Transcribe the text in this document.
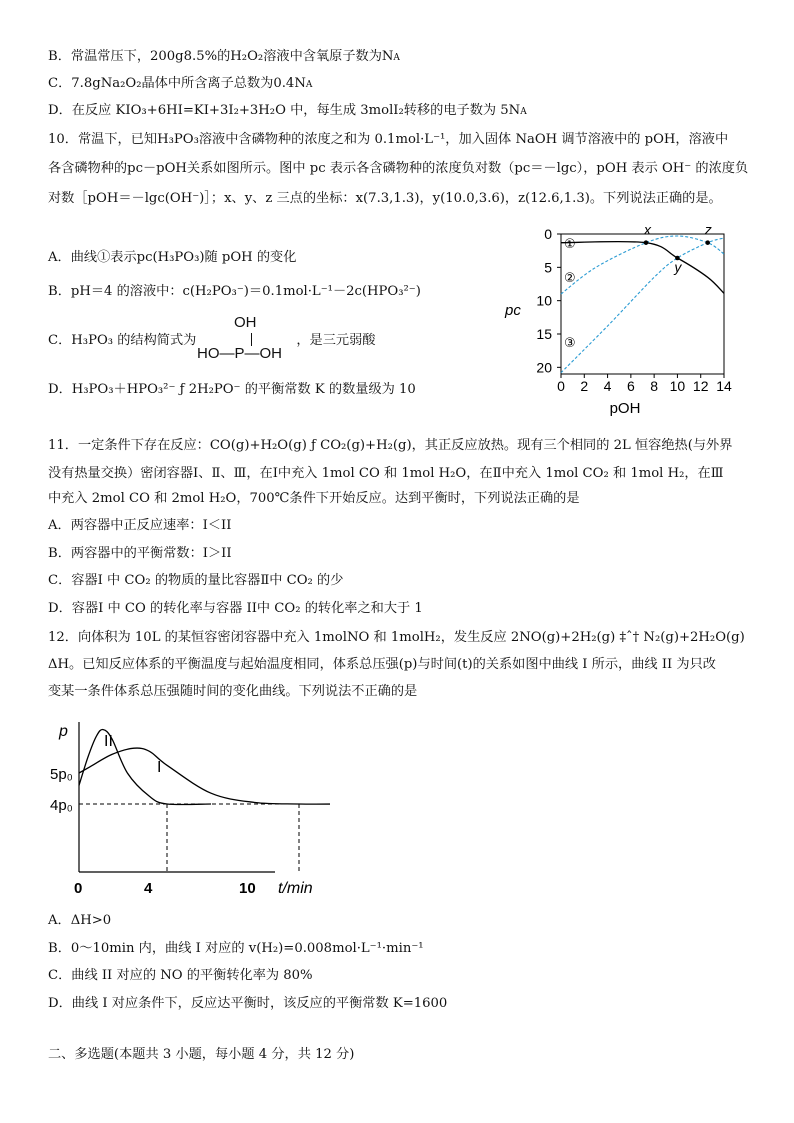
B．常温常压下，200g8.5%的H₂O₂溶液中含氧原子数为NA
C．7.8gNa₂O₂晶体中所含离子总数为0.4NA
D．在反应 KIO₃+6HI=KI+3I₂+3H₂O 中，每生成 3molI₂转移的电子数为 5NA
10．常温下，已知H₃PO₃溶液中含磷物种的浓度之和为 0.1mol·L⁻¹，加入固体 NaOH 调节溶液中的 pOH，溶液中
各含磷物种的pc－pOH关系如图所示。图中 pc 表示各含磷物种的浓度负对数（pc＝－lgc），pOH 表示 OH⁻ 的浓度负
对数［pOH＝－lgc(OH⁻)］；x、y、z 三点的坐标：x(7.3,1.3)，y(10.0,3.6)，z(12.6,1.3)。下列说法正确的是。
A．曲线①表示pc(H₃PO₃)随 pOH 的变化
B．pH＝4 的溶液中：c(H₂PO₃⁻)＝0.1mol·L⁻¹－2c(HPO₃²⁻)
C．H₃PO₃ 的结构简式为	，是三元弱酸
OH
HO—P—OH
D．H₃PO₃＋HPO₃²⁻ ƒ 2H₂PO⁻ 的平衡常数 K 的数量级为 10	0 2 4 6 8 10 12 14
0
5
10
15
20
x
y
z
pc
pOH
①
②
③
11．一定条件下存在反应：CO(g)+H₂O(g) ƒ CO₂(g)+H₂(g)，其正反应放热。现有三个相同的 2L 恒容绝热(与外界
没有热量交换）密闭容器Ⅰ、Ⅱ、Ⅲ，在Ⅰ中充入 1mol CO 和 1mol H₂O，在Ⅱ中充入 1mol CO₂ 和 1mol H₂，在Ⅲ
中充入 2mol CO 和 2mol H₂O，700℃条件下开始反应。达到平衡时，下列说法正确的是
A．两容器中正反应速率：I＜II
B．两容器中的平衡常数：I＞II
C．容器Ⅰ 中 CO₂ 的物质的量比容器Ⅱ中 CO₂ 的少
D．容器Ⅰ 中 CO 的转化率与容器 II中 CO₂ 的转化率之和大于 1
12．向体积为 10L 的某恒容密闭容器中充入 1molNO 和 1molH₂，发生反应 2NO(g)+2H₂(g) ‡ˆ† N₂(g)+2H₂O(g)
ΔH。已知反应体系的平衡温度与起始温度相同，体系总压强(p)与时间(t)的关系如图中曲线 I 所示，曲线 II 为只改
变某一条件体系总压强随时间的变化曲线。下列说法不正确的是
p
t/min
5p₀
4p₀
0	4	10
II
I
A．ΔH>0
B．0～10min 内，曲线 I 对应的 v(H₂)=0.008mol·L⁻¹·min⁻¹
C．曲线 II 对应的 NO 的平衡转化率为 80%
D．曲线 I 对应条件下，反应达平衡时，该反应的平衡常数 K=1600
二、多选题(本题共 3 小题，每小题 4 分，共 12 分)
